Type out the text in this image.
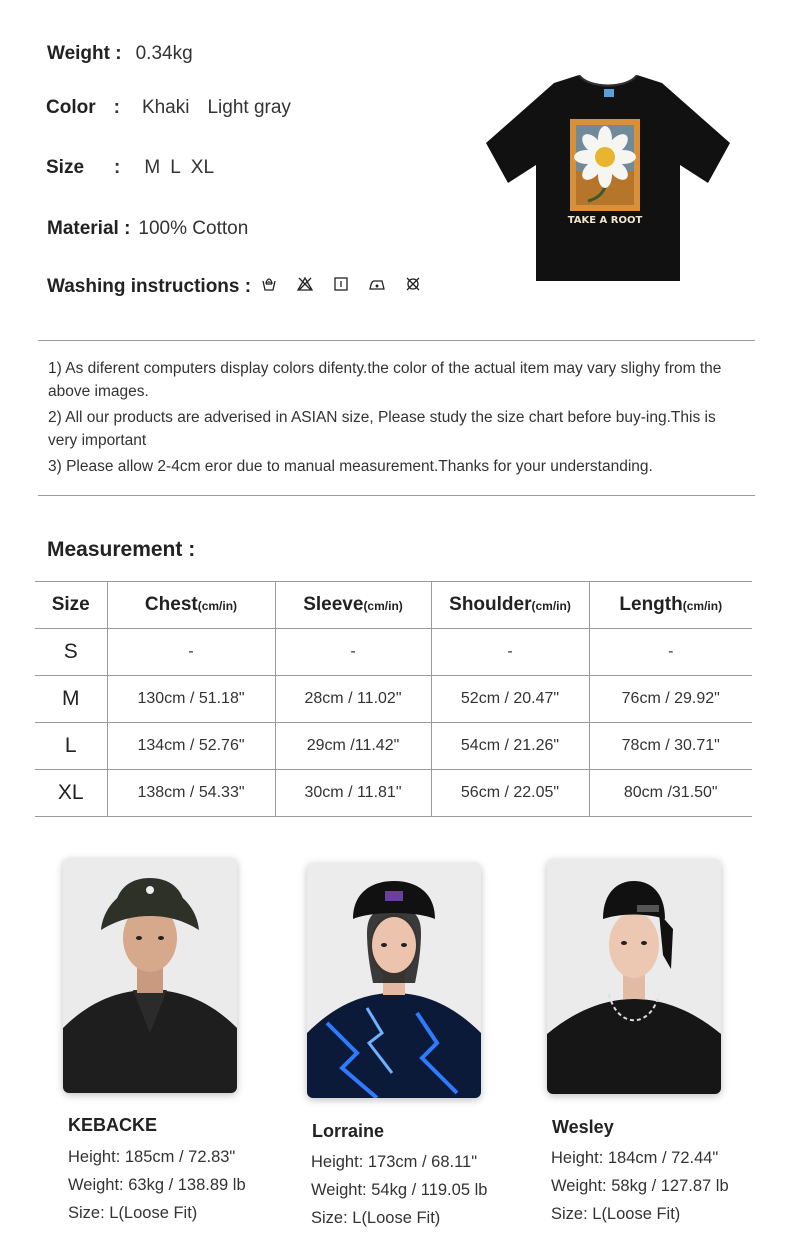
Weight : 0.34kg
Color : Khaki Light gray
Size : M L XL
Material : 100% Cotton
Washing instructions :
TAKE A ROOT

1) As diferent computers display colors difenty.the color of the actual item may vary slighy from the above images.

2) All our products are adverised in ASIAN size, Please study the size chart before buy-ing.This is very important

3) Please allow 2-4cm eror due to manual measurement.Thanks for your understanding.

Measurement :
Size	Chest(cm/in)	Sleeve(cm/in)	Shoulder(cm/in)	Length(cm/in)
S	-	-	-	-
M	130cm / 51.18"	28cm / 11.02"	52cm / 20.47"	76cm / 29.92"
L	134cm / 52.76"	29cm /11.42"	54cm / 21.26"	78cm / 30.71"
XL	138cm / 54.33"	30cm / 11.81"	56cm / 22.05"	80cm /31.50"
KEBACKE
Height: 185cm / 72.83"
Weight: 63kg / 138.89 lb
Size: L(Loose Fit)
Lorraine
Height: 173cm / 68.11"
Weight: 54kg / 119.05 lb
Size: L(Loose Fit)
Wesley
Height: 184cm / 72.44"
Weight: 58kg / 127.87 lb
Size: L(Loose Fit)
